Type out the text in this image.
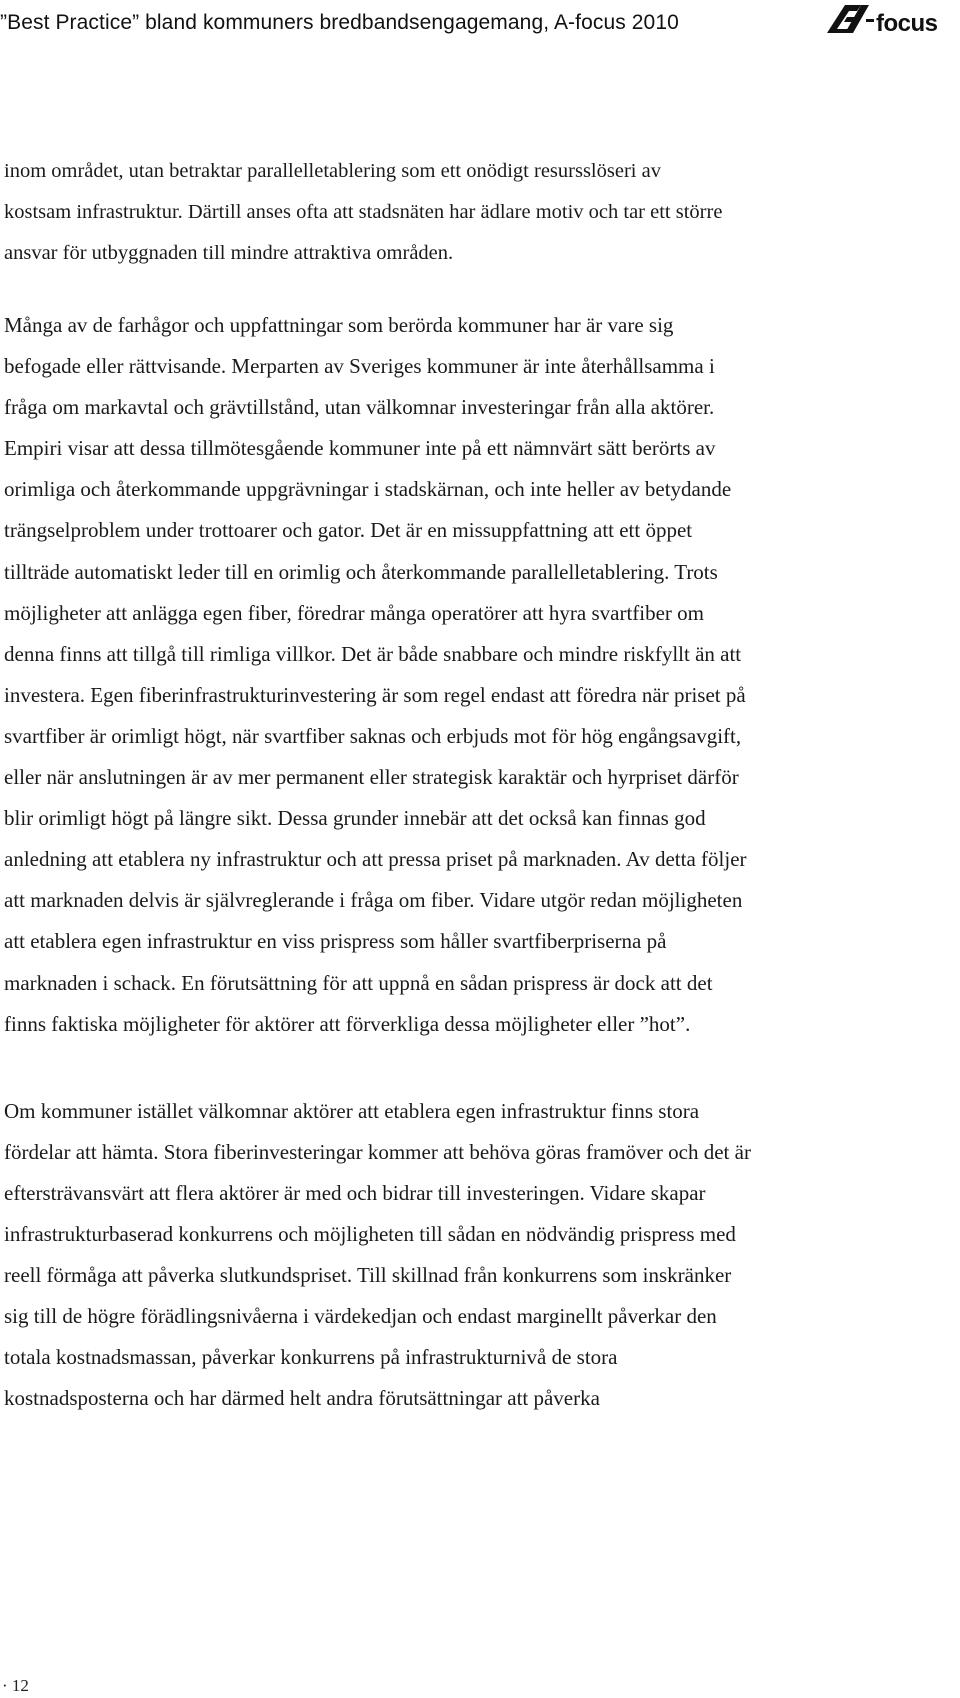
”Best Practice” bland kommuners bredbandsengagemang, A-focus 2010	focus
inom området, utan betraktar parallelletablering som ett onödigt resursslöseri av
kostsam infrastruktur. Därtill anses ofta att stadsnäten har ädlare motiv och tar ett större
ansvar för utbyggnaden till mindre attraktiva områden.
Många av de farhågor och uppfattningar som berörda kommuner har är vare sig
befogade eller rättvisande. Merparten av Sveriges kommuner är inte återhållsamma i
fråga om markavtal och grävtillstånd, utan välkomnar investeringar från alla aktörer.
Empiri visar att dessa tillmötesgående kommuner inte på ett nämnvärt sätt berörts av
orimliga och återkommande uppgrävningar i stadskärnan, och inte heller av betydande
trängselproblem under trottoarer och gator. Det är en missuppfattning att ett öppet
tillträde automatiskt leder till en orimlig och återkommande parallelletablering. Trots
möjligheter att anlägga egen fiber, föredrar många operatörer att hyra svartfiber om
denna finns att tillgå till rimliga villkor. Det är både snabbare och mindre riskfyllt än att
investera. Egen fiberinfrastrukturinvestering är som regel endast att föredra när priset på
svartfiber är orimligt högt, när svartfiber saknas och erbjuds mot för hög engångsavgift,
eller när anslutningen är av mer permanent eller strategisk karaktär och hyrpriset därför
blir orimligt högt på längre sikt. Dessa grunder innebär att det också kan finnas god
anledning att etablera ny infrastruktur och att pressa priset på marknaden. Av detta följer
att marknaden delvis är självreglerande i fråga om fiber. Vidare utgör redan möjligheten
att etablera egen infrastruktur en viss prispress som håller svartfiberpriserna på
marknaden i schack. En förutsättning för att uppnå en sådan prispress är dock att det
finns faktiska möjligheter för aktörer att förverkliga dessa möjligheter eller ”hot”.
Om kommuner istället välkomnar aktörer att etablera egen infrastruktur finns stora
fördelar att hämta. Stora fiberinvesteringar kommer att behöva göras framöver och det är
eftersträvansvärt att flera aktörer är med och bidrar till investeringen. Vidare skapar
infrastrukturbaserad konkurrens och möjligheten till sådan en nödvändig prispress med
reell förmåga att påverka slutkundspriset. Till skillnad från konkurrens som inskränker
sig till de högre förädlingsnivåerna i värdekedjan och endast marginellt påverkar den
totala kostnadsmassan, påverkar konkurrens på infrastrukturnivå de stora
kostnadsposterna och har därmed helt andra förutsättningar att påverka
· 12
